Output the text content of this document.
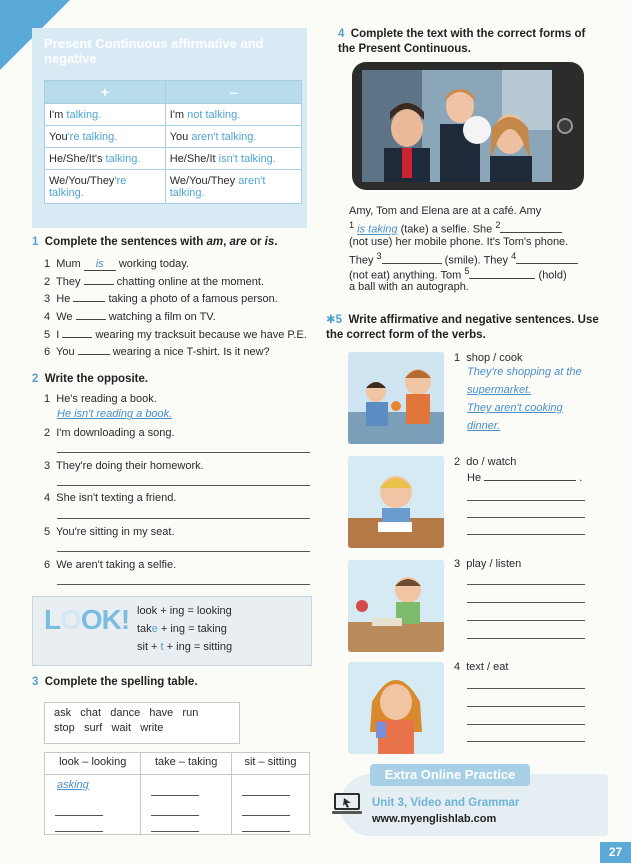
Present Continuous affirmative and negative
+	–
I'm talking.	I'm not talking.
You're talking.	You aren't talking.
He/She/It's talking.	He/She/It isn't talking.
We/You/They're talking.	We/You/They aren't talking.
1 Complete the sentences with am, are or is.
1 Mum is working today.
2 They	chatting online at the moment.
3 He	taking a photo of a famous person.
4 We	watching a film on TV.
5 I	wearing my tracksuit because we have P.E.
6 You	wearing a nice T-shirt. Is it new?
2 Write the opposite.
1 He's reading a book.
He isn't reading a book.
2 I'm downloading a song.
3 They're doing their homework.
4 She isn't texting a friend.
5 You're sitting in my seat.
6 We aren't taking a selfie.
LOOK! look + ing = looking
take + ing = taking
sit + t + ing = sitting
3 Complete the spelling table.
ask   chat   dance   have   run
stop   surf   wait   write
look – looking	take – taking	sit – sitting

asking		

4 Complete the text with the correct forms of the Present Continuous.
Amy, Tom and Elena are at a café. Amy
$^1$ is taking (take) a selfie. She $^2$
(not use) her mobile phone. It's Tom's phone.
They $^3$	(smile). They $^4$
(not eat) anything. Tom $^5$	(hold)
a ball with an autograph.
✱5 Write affirmative and negative sentences. Use the correct form of the verbs.
1 shop / cook
They're shopping at the
supermarket.
They aren't cooking
dinner.
2 do / watch
He	.
3 play / listen
4 text / eat
Extra Online Practice
Unit 3, Video and Grammar
www.myenglishlab.com
27
